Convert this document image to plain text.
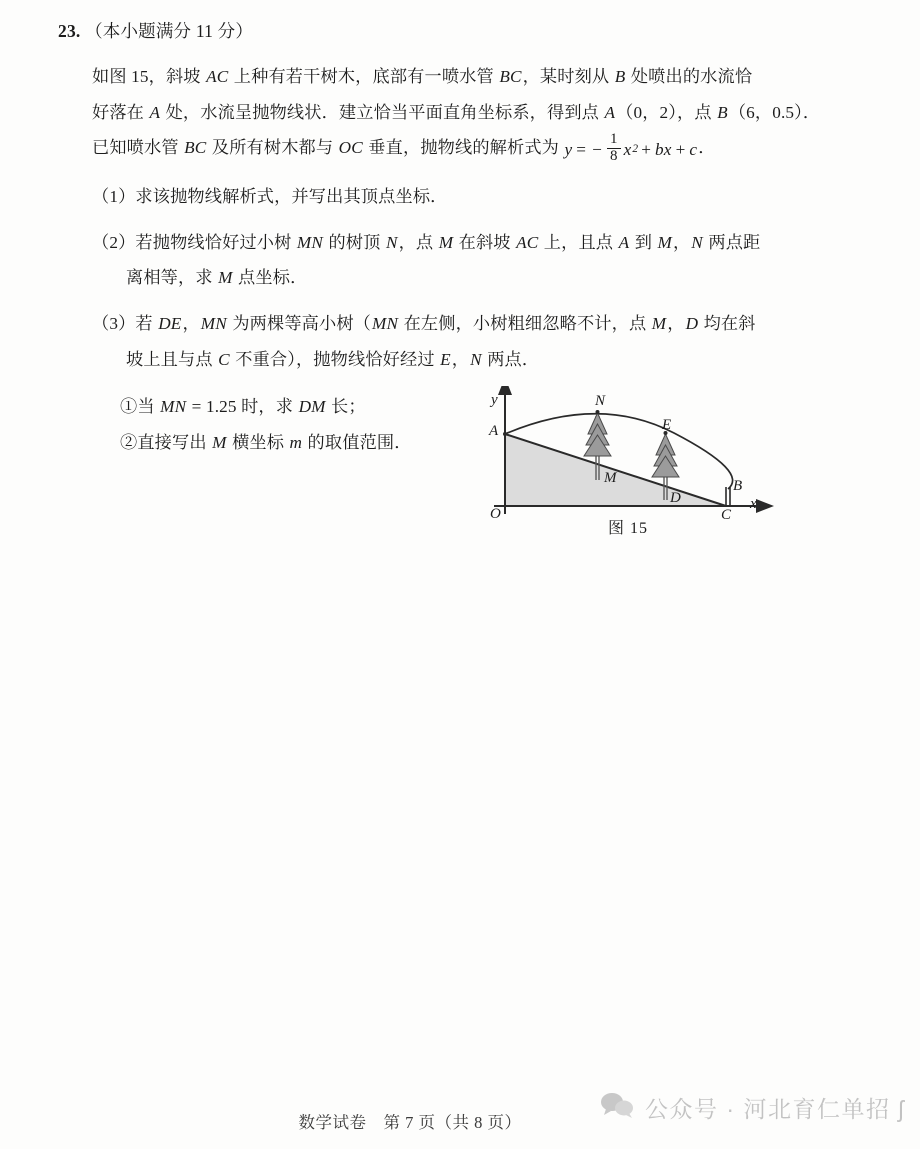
23. （本小题满分 11 分）
如图 15，斜坡 AC 上种有若干树木，底部有一喷水管 BC，某时刻从 B 处喷出的水流恰
好落在 A 处，水流呈抛物线状．建立恰当平面直角坐标系，得到点 A（0，2），点 B（6，0.5）．
已知喷水管 BC 及所有树木都与 OC 垂直，抛物线的解析式为 y = − $\frac{1}{8}$ x 2 + bx + c ．
（1）求该抛物线解析式，并写出其顶点坐标．
（2）若抛物线恰好过小树 MN 的树顶 N，点 M 在斜坡 AC 上，且点 A 到 M，N 两点距
离相等，求 M 点坐标．
（3）若 DE，MN 为两棵等高小树（MN 在左侧，小树粗细忽略不计，点 M，D 均在斜
坡上且与点 C 不重合），抛物线恰好经过 E，N 两点．
①当 MN = 1.25 时，求 DM 长；
②直接写出 M 横坐标 m 的取值范围．
y
x
O
A
B
C
D
E
M
N
图 15
数学试卷　第 7 页（共 8 页）
公众号 · 河北育仁单招 ʃ
